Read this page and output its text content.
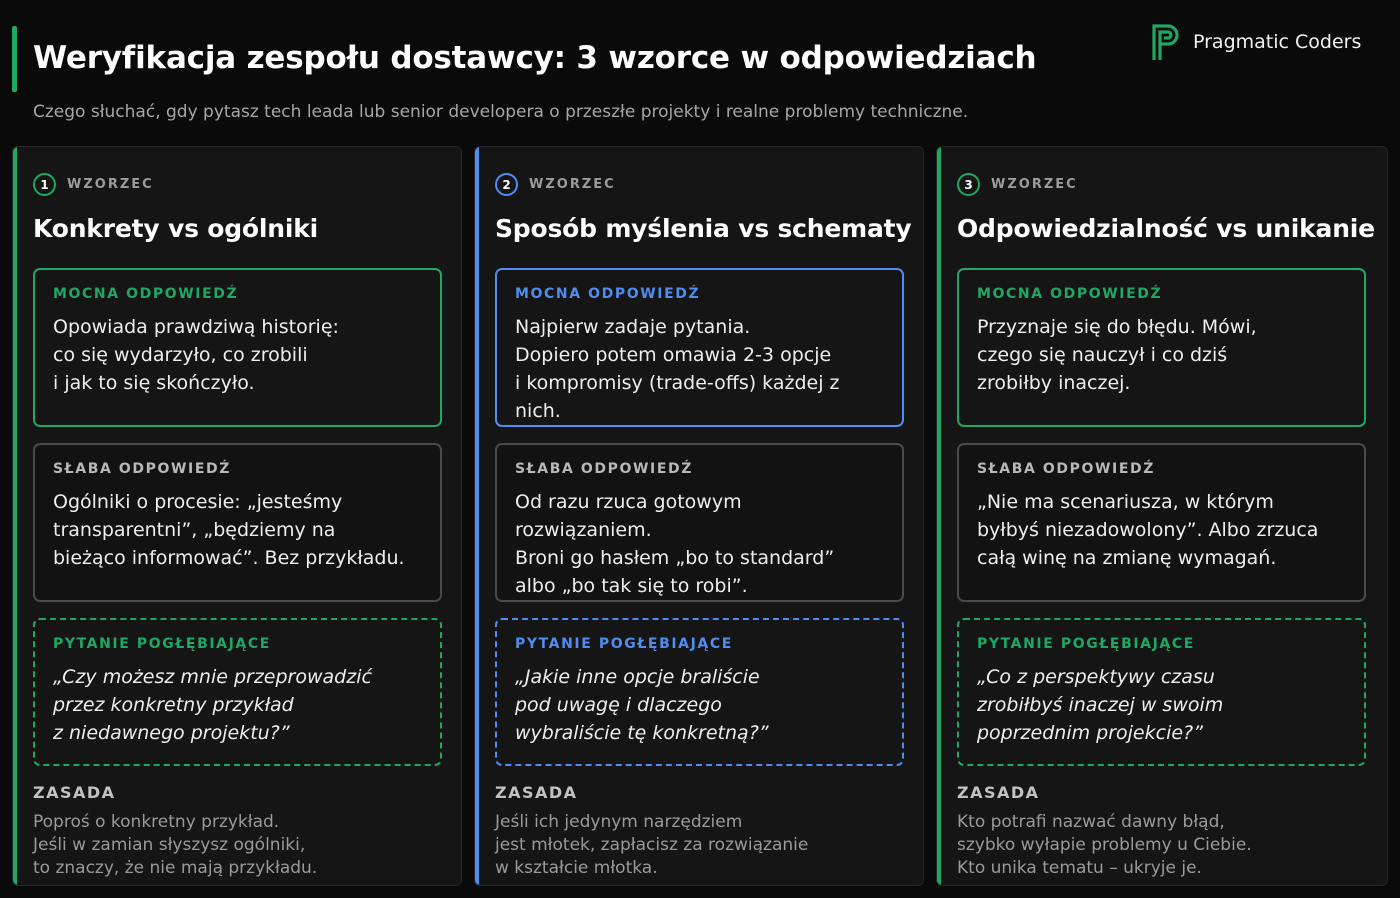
Weryfikacja zespołu dostawcy: 3 wzorce w odpowiedziach
Czego słuchać, gdy pytasz tech leada lub senior developera o przeszłe projekty i realne problemy techniczne.
Pragmatic Coders
1	WZORZEC
Konkrety vs ogólniki
MOCNA ODPOWIEDŹ
Opowiada prawdziwą historię:
co się wydarzyło, co zrobili
i jak to się skończyło.
SŁABA ODPOWIEDŹ
Ogólniki o procesie: „jesteśmy
transparentni”, „będziemy na
bieżąco informować”. Bez przykładu.
PYTANIE POGŁĘBIAJĄCE
„Czy możesz mnie przeprowadzić
przez konkretny przykład
z niedawnego projektu?”
ZASADA
Poproś o konkretny przykład.
Jeśli w zamian słyszysz ogólniki,
to znaczy, że nie mają przykładu.
2	WZORZEC
Sposób myślenia vs schematy
MOCNA ODPOWIEDŹ
Najpierw zadaje pytania.
Dopiero potem omawia 2-3 opcje
i kompromisy (trade-offs) każdej z nich.
SŁABA ODPOWIEDŹ
Od razu rzuca gotowym rozwiązaniem.
Broni go hasłem „bo to standard”
albo „bo tak się to robi”.
PYTANIE POGŁĘBIAJĄCE
„Jakie inne opcje braliście
pod uwagę i dlaczego
wybraliście tę konkretną?”
ZASADA
Jeśli ich jedynym narzędziem
jest młotek, zapłacisz za rozwiązanie
w kształcie młotka.
3	WZORZEC
Odpowiedzialność vs unikanie
MOCNA ODPOWIEDŹ
Przyznaje się do błędu. Mówi,
czego się nauczył i co dziś
zrobiłby inaczej.
SŁABA ODPOWIEDŹ
„Nie ma scenariusza, w którym
byłbyś niezadowolony”. Albo zrzuca
całą winę na zmianę wymagań.
PYTANIE POGŁĘBIAJĄCE
„Co z perspektywy czasu
zrobiłbyś inaczej w swoim
poprzednim projekcie?”
ZASADA
Kto potrafi nazwać dawny błąd,
szybko wyłapie problemy u Ciebie.
Kto unika tematu – ukryje je.
